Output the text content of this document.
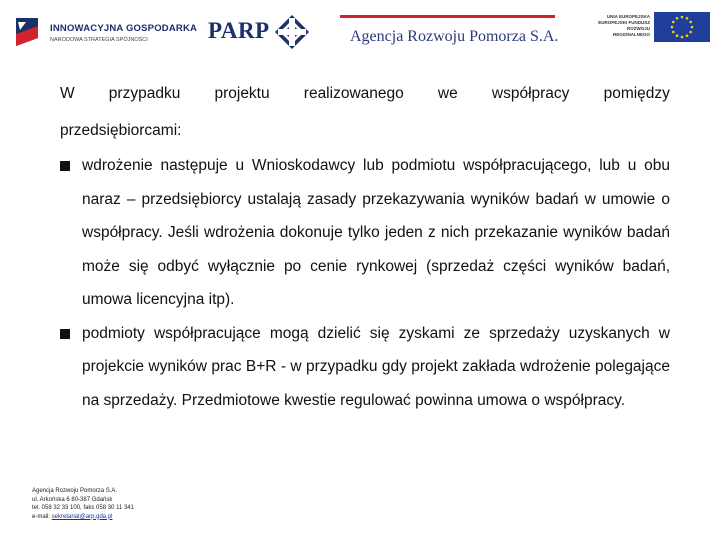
INNOWACYJNA GOSPODARKA
NARODOWA STRATEGIA SPÓJNOŚCI	PARP	Agencja Rozwoju Pomorza S.A.
UNIA EUROPEJSKA
EUROPEJSKI FUNDUSZ
ROZWOJU REGIONALNEGO
W przypadku projektu realizowanego we współpracy pomiędzy
przedsiębiorcami:
wdrożenie następuje u Wnioskodawcy lub podmiotu współpracującego, lub u obu naraz – przedsiębiorcy ustalają zasady przekazywania wyników badań w umowie o współpracy. Jeśli wdrożenia dokonuje tylko jeden z nich przekazanie wyników badań może się odbyć wyłącznie po cenie rynkowej (sprzedaż części wyników badań, umowa licencyjna itp).
podmioty współpracujące mogą dzielić się zyskami ze sprzedaży uzyskanych w projekcie wyników prac B+R - w przypadku gdy projekt zakłada wdrożenie polegające na sprzedaży. Przedmiotowe kwestie regulować powinna umowa o współpracy.
Agencja Rozwoju Pomorza S.A.
ul. Arkońska 6 80-387 Gdańsk
tel. 058 32 33 100, faks 058 30 11 341
e-mail: sekretariat@arp.gda.pl
